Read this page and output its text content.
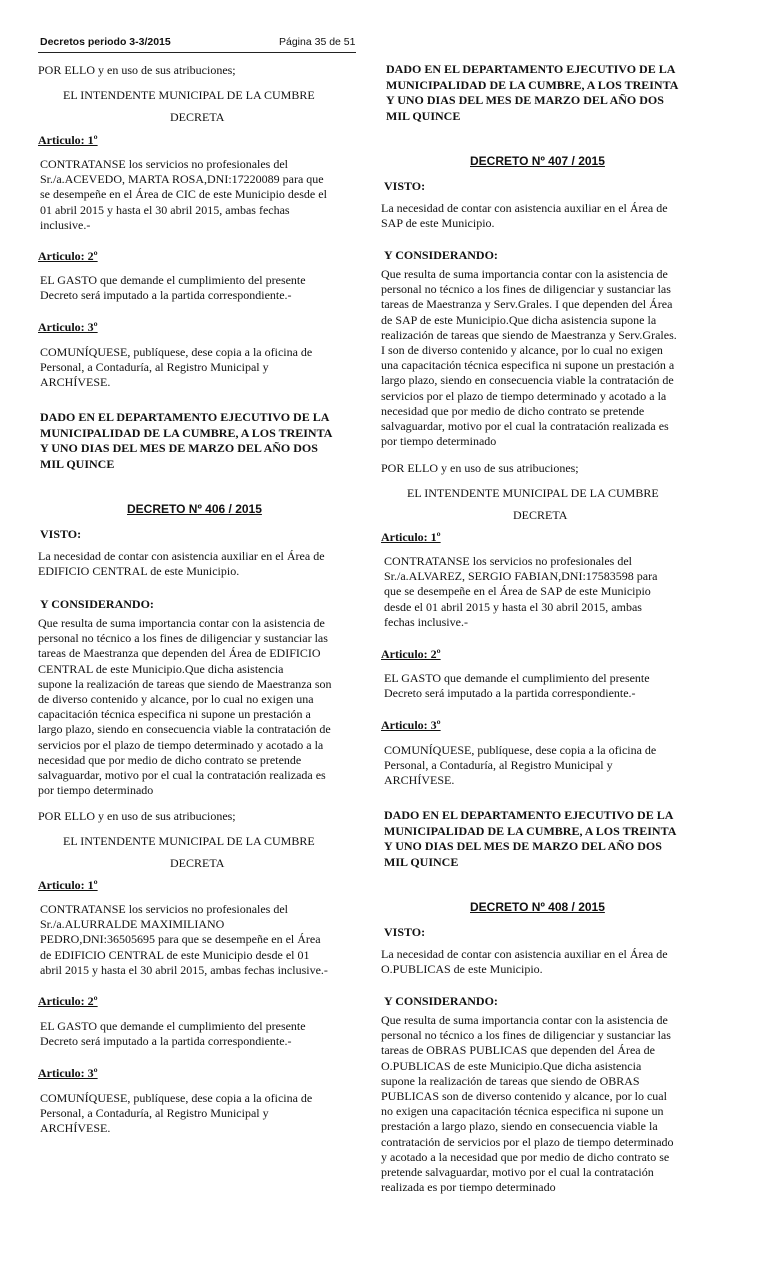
Decretos periodo 3-3/2015	Página 35 de 51
POR ELLO y en uso de sus atribuciones;
EL INTENDENTE MUNICIPAL DE LA CUMBRE
DECRETA
Articulo: 1º
CONTRATANSE los servicios no profesionales del
Sr./a.ACEVEDO, MARTA ROSA,DNI:17220089 para que
se desempeñe en el Área de CIC de este Municipio desde el
01 abril 2015 y hasta el 30 abril 2015, ambas fechas
inclusive.-
Articulo: 2º
EL GASTO que demande el cumplimiento del presente
Decreto será imputado a la partida correspondiente.-
Articulo: 3º
COMUNÍQUESE, publíquese, dese copia a la oficina de
Personal, a Contaduría, al Registro Municipal y
ARCHÍVESE.
DADO EN EL DEPARTAMENTO EJECUTIVO DE LA
MUNICIPALIDAD DE LA CUMBRE, A LOS TREINTA
Y UNO DIAS DEL MES DE MARZO DEL AÑO DOS
MIL QUINCE
DECRETO Nº 406 / 2015
VISTO:
La necesidad de contar con asistencia auxiliar en el Área de
EDIFICIO CENTRAL de este Municipio.
Y CONSIDERANDO:
Que resulta de suma importancia contar con la asistencia de
personal no técnico a los fines de diligenciar y sustanciar las
tareas de Maestranza que dependen del Área de EDIFICIO
CENTRAL de este Municipio.Que dicha asistencia
supone la realización de tareas que siendo de Maestranza son
de diverso contenido y alcance, por lo cual no exigen una
capacitación técnica especifica ni supone un prestación a
largo plazo, siendo en consecuencia viable la contratación de
servicios por el plazo de tiempo determinado y acotado a la
necesidad que por medio de dicho contrato se pretende
salvaguardar, motivo por el cual la contratación realizada es
por tiempo determinado
POR ELLO y en uso de sus atribuciones;
EL INTENDENTE MUNICIPAL DE LA CUMBRE
DECRETA
Articulo: 1º
CONTRATANSE los servicios no profesionales del
Sr./a.ALURRALDE MAXIMILIANO
PEDRO,DNI:36505695 para que se desempeñe en el Área
de EDIFICIO CENTRAL de este Municipio desde el 01
abril 2015 y hasta el 30 abril 2015, ambas fechas inclusive.-
Articulo: 2º
EL GASTO que demande el cumplimiento del presente
Decreto será imputado a la partida correspondiente.-
Articulo: 3º
COMUNÍQUESE, publíquese, dese copia a la oficina de
Personal, a Contaduría, al Registro Municipal y
ARCHÍVESE.
DADO EN EL DEPARTAMENTO EJECUTIVO DE LA
MUNICIPALIDAD DE LA CUMBRE, A LOS TREINTA
Y UNO DIAS DEL MES DE MARZO DEL AÑO DOS
MIL QUINCE
DECRETO Nº 407 / 2015
VISTO:
La necesidad de contar con asistencia auxiliar en el Área de
SAP de este Municipio.
Y CONSIDERANDO:
Que resulta de suma importancia contar con la asistencia de
personal no técnico a los fines de diligenciar y sustanciar las
tareas de Maestranza y Serv.Grales. I que dependen del Área
de SAP de este Municipio.Que dicha asistencia supone la
realización de tareas que siendo de Maestranza y Serv.Grales.
I son de diverso contenido y alcance, por lo cual no exigen
una capacitación técnica especifica ni supone un prestación a
largo plazo, siendo en consecuencia viable la contratación de
servicios por el plazo de tiempo determinado y acotado a la
necesidad que por medio de dicho contrato se pretende
salvaguardar, motivo por el cual la contratación realizada es
por tiempo determinado
POR ELLO y en uso de sus atribuciones;
EL INTENDENTE MUNICIPAL DE LA CUMBRE
DECRETA
Articulo: 1º
CONTRATANSE los servicios no profesionales del
Sr./a.ALVAREZ, SERGIO FABIAN,DNI:17583598 para
que se desempeñe en el Área de SAP de este Municipio
desde el 01 abril 2015 y hasta el 30 abril 2015, ambas
fechas inclusive.-
Articulo: 2º
EL GASTO que demande el cumplimiento del presente
Decreto será imputado a la partida correspondiente.-
Articulo: 3º
COMUNÍQUESE, publíquese, dese copia a la oficina de
Personal, a Contaduría, al Registro Municipal y
ARCHÍVESE.
DADO EN EL DEPARTAMENTO EJECUTIVO DE LA
MUNICIPALIDAD DE LA CUMBRE, A LOS TREINTA
Y UNO DIAS DEL MES DE MARZO DEL AÑO DOS
MIL QUINCE
DECRETO Nº 408 / 2015
VISTO:
La necesidad de contar con asistencia auxiliar en el Área de
O.PUBLICAS de este Municipio.
Y CONSIDERANDO:
Que resulta de suma importancia contar con la asistencia de
personal no técnico a los fines de diligenciar y sustanciar las
tareas de OBRAS PUBLICAS que dependen del Área de
O.PUBLICAS de este Municipio.Que dicha asistencia
supone la realización de tareas que siendo de OBRAS
PUBLICAS son de diverso contenido y alcance, por lo cual
no exigen una capacitación técnica especifica ni supone un
prestación a largo plazo, siendo en consecuencia viable la
contratación de servicios por el plazo de tiempo determinado
y acotado a la necesidad que por medio de dicho contrato se
pretende salvaguardar, motivo por el cual la contratación
realizada es por tiempo determinado
